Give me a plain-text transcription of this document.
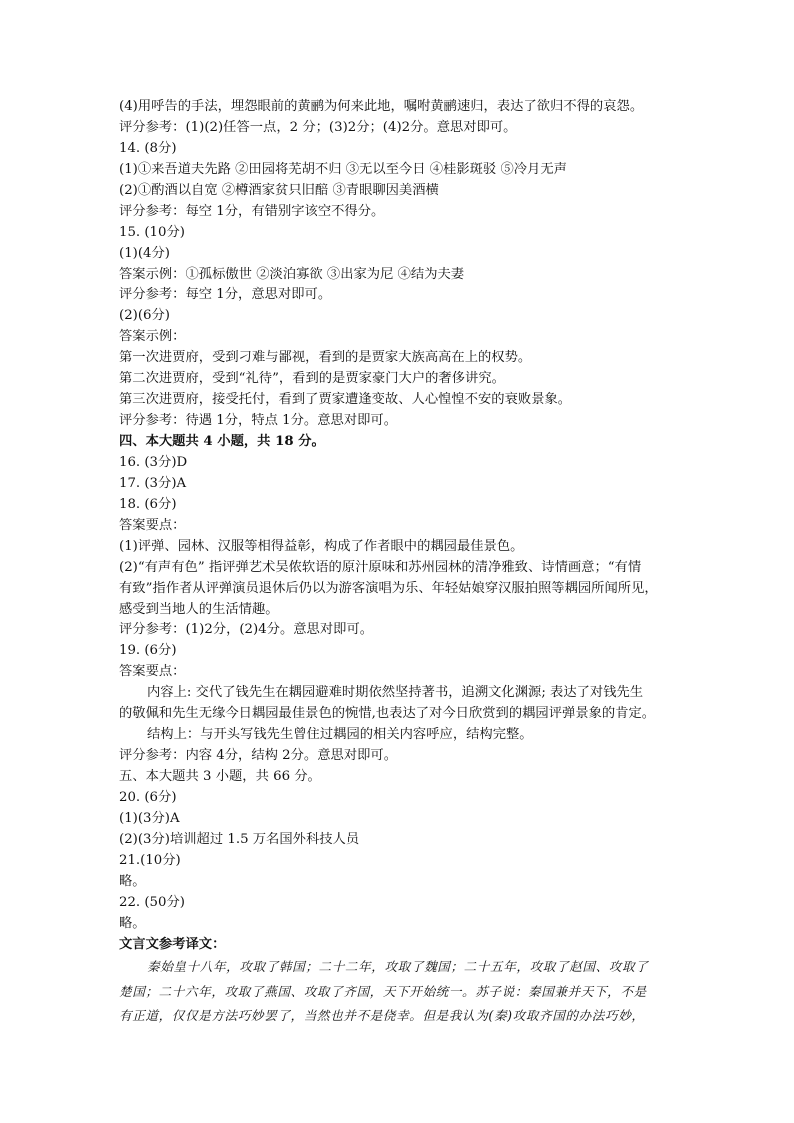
(4)用呼告的手法，埋怨眼前的黄鹂为何来此地，嘱咐黄鹂速归，表达了欲归不得的哀怨。
评分参考：(1)(2)任答一点，2 分；(3)2分；(4)2分。意思对即可。
14. (8分)
(1)①来吾道夫先路 ②田园将芜胡不归 ③无以至今日 ④桂影斑驳 ⑤冷月无声
(2)①酌酒以自宽 ②樽酒家贫只旧醅 ③青眼聊因美酒横
评分参考：每空 1分，有错别字该空不得分。
15. (10分)
(1)(4分)
答案示例：①孤标傲世 ②淡泊寡欲 ③出家为尼 ④结为夫妻
评分参考：每空 1分，意思对即可。
(2)(6分)
答案示例：
第一次进贾府，受到刁难与鄙视，看到的是贾家大族高高在上的权势。
第二次进贾府，受到“礼待”，看到的是贾家豪门大户的奢侈讲究。
第三次进贾府，接受托付，看到了贾家遭逢变故、人心惶惶不安的衰败景象。
评分参考：待遇 1分，特点 1分。意思对即可。
四、本大题共 4 小题，共 18 分。
16. (3分)D
17. (3分)A
18. (6分)
答案要点：
(1)评弹、园林、汉服等相得益彰，构成了作者眼中的耦园最佳景色。
(2)“有声有色” 指评弹艺术吴侬软语的原汁原味和苏州园林的清净雅致、诗情画意；“有情
有致”指作者从评弹演员退休后仍以为游客演唱为乐、年轻姑娘穿汉服拍照等耦园所闻所见，
感受到当地人的生活情趣。
评分参考：(1)2分，(2)4分。意思对即可。
19. (6分)
答案要点：
内容上: 交代了钱先生在耦园避难时期依然坚持著书，追溯文化渊源; 表达了对钱先生
的敬佩和先生无缘今日耦园最佳景色的惋惜,也表达了对今日欣赏到的耦园评弹景象的肯定。
结构上：与开头写钱先生曾住过耦园的相关内容呼应，结构完整。
评分参考：内容 4分，结构 2分。意思对即可。
五、本大题共 3 小题，共 66 分。
20. (6分)
(1)(3分)A
(2)(3分)培训超过 1.5 万名国外科技人员
21.(10分)
略。
22. (50分)
略。
文言文参考译文：
秦始皇十八年，攻取了韩国；二十二年，攻取了魏国；二十五年，攻取了赵国、攻取了
楚国；二十六年，攻取了燕国、攻取了齐国，天下开始统一。苏子说：秦国兼并天下，不是
有正道，仅仅是方法巧妙罢了，当然也并不是侥幸。但是我认为(秦)攻取齐国的办法巧妙，
